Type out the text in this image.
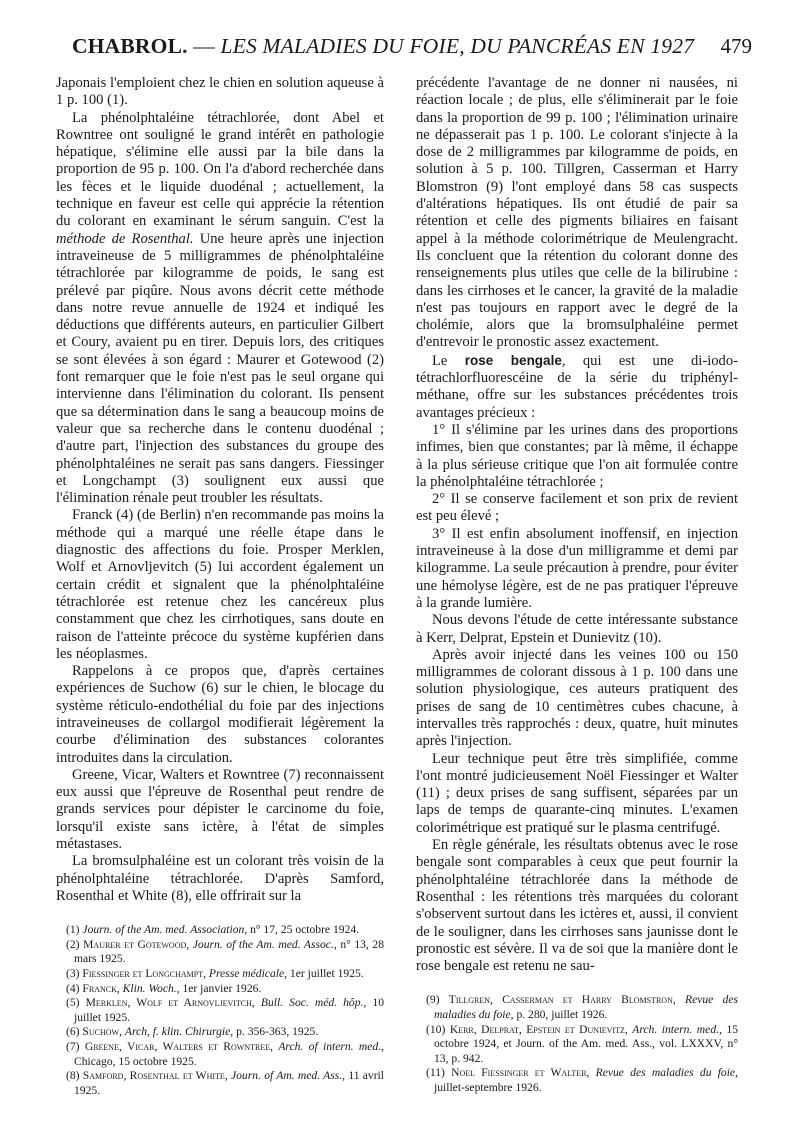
CHABROL. — LES MALADIES DU FOIE, DU PANCRÉAS EN 1927 479

Japonais l'emploient chez le chien en solution aqueuse à 1 p. 100 (1).

La phénolphtaléine tétrachlorée, dont Abel et Rowntree ont souligné le grand intérêt en pathologie hépatique, s'élimine elle aussi par la bile dans la proportion de 95 p. 100. On l'a d'abord recherchée dans les fèces et le liquide duodénal ; actuellement, la technique en faveur est celle qui apprécie la rétention du colorant en examinant le sérum sanguin. C'est la méthode de Rosenthal. Une heure après une injection intraveineuse de 5 milligrammes de phénolphtaléine tétrachlorée par kilogramme de poids, le sang est prélevé par piqûre. Nous avons décrit cette méthode dans notre revue annuelle de 1924 et indiqué les déductions que différents auteurs, en particulier Gilbert et Coury, avaient pu en tirer. Depuis lors, des critiques se sont élevées à son égard : Maurer et Gotewood (2) font remarquer que le foie n'est pas le seul organe qui intervienne dans l'élimination du colorant. Ils pensent que sa détermination dans le sang a beaucoup moins de valeur que sa recherche dans le contenu duodénal ; d'autre part, l'injection des substances du groupe des phénolphtaléines ne serait pas sans dangers. Fiessinger et Longchampt (3) soulignent eux aussi que l'élimination rénale peut troubler les résultats.

Franck (4) (de Berlin) n'en recommande pas moins la méthode qui a marqué une réelle étape dans le diagnostic des affections du foie. Prosper Merklen, Wolf et Arnovljevitch (5) lui accordent également un certain crédit et signalent que la phénolphtaléine tétrachlorée est retenue chez les cancéreux plus constamment que chez les cirrhotiques, sans doute en raison de l'atteinte précoce du système kupférien dans les néoplasmes.

Rappelons à ce propos que, d'après certaines expériences de Suchow (6) sur le chien, le blocage du système réticulo-endothélial du foie par des injections intraveineuses de collargol modifierait légèrement la courbe d'élimination des substances colorantes introduites dans la circulation.

Greene, Vicar, Walters et Rowntree (7) reconnaissent eux aussi que l'épreuve de Rosenthal peut rendre de grands services pour dépister le carcinome du foie, lorsqu'il existe sans ictère, à l'état de simples métastases.

La bromsulphaléine est un colorant très voisin de la phénolphtaléine tétrachlorée. D'après Samford, Rosenthal et White (8), elle offrirait sur la

(1) Journ. of the Am. med. Association, n° 17, 25 octobre 1924.

(2) Maurer et Gotewood, Journ. of the Am. med. Assoc., n° 13, 28 mars 1925.

(3) Fiessinger et Longchampt, Presse médicale, 1er juillet 1925.

(4) Franck, Klin. Woch., 1er janvier 1926.

(5) Merklen, Wolf et Arnovljevitch, Bull. Soc. méd. hôp., 10 juillet 1925.

(6) Suchow, Arch, f. klin. Chirurgie, p. 356-363, 1925.

(7) Greene, Vicar, Walters et Rowntree, Arch. of intern. med., Chicago, 15 octobre 1925.

(8) Samford, Rosenthal et White, Journ. of Am. med. Ass., 11 avril 1925.

précédente l'avantage de ne donner ni nausées, ni réaction locale ; de plus, elle s'éliminerait par le foie dans la proportion de 99 p. 100 ; l'élimination urinaire ne dépasserait pas 1 p. 100. Le colorant s'injecte à la dose de 2 milligrammes par kilogramme de poids, en solution à 5 p. 100. Tillgren, Casserman et Harry Blomstron (9) l'ont employé dans 58 cas suspects d'altérations hépatiques. Ils ont étudié de pair sa rétention et celle des pigments biliaires en faisant appel à la méthode colorimétrique de Meulengracht. Ils concluent que la rétention du colorant donne des renseignements plus utiles que celle de la bilirubine : dans les cirrhoses et le cancer, la gravité de la maladie n'est pas toujours en rapport avec le degré de la cholémie, alors que la bromsulphaléine permet d'entrevoir le pronostic assez exactement.

Le rose bengale, qui est une di-iodo-tétrachlorfluorescéine de la série du triphényl-méthane, offre sur les substances précédentes trois avantages précieux :

1° Il s'élimine par les urines dans des proportions infimes, bien que constantes; par là même, il échappe à la plus sérieuse critique que l'on ait formulée contre la phénolphtaléine tétrachlorée ;

2° Il se conserve facilement et son prix de revient est peu élevé ;

3° Il est enfin absolument inoffensif, en injection intraveineuse à la dose d'un milligramme et demi par kilogramme. La seule précaution à prendre, pour éviter une hémolyse légère, est de ne pas pratiquer l'épreuve à la grande lumière.

Nous devons l'étude de cette intéressante substance à Kerr, Delprat, Epstein et Dunievitz (10).

Après avoir injecté dans les veines 100 ou 150 milligrammes de colorant dissous à 1 p. 100 dans une solution physiologique, ces auteurs pratiquent des prises de sang de 10 centimètres cubes chacune, à intervalles très rapprochés : deux, quatre, huit minutes après l'injection.

Leur technique peut être très simplifiée, comme l'ont montré judicieusement Noël Fiessinger et Walter (11) ; deux prises de sang suffisent, séparées par un laps de temps de quarante-cinq minutes. L'examen colorimétrique est pratiqué sur le plasma centrifugé.

En règle générale, les résultats obtenus avec le rose bengale sont comparables à ceux que peut fournir la phénolphtaléine tétrachlorée dans la méthode de Rosenthal : les rétentions très marquées du colorant s'observent surtout dans les ictères et, aussi, il convient de le souligner, dans les cirrhoses sans jaunisse dont le pronostic est sévère. Il va de soi que la manière dont le rose bengale est retenu ne sau-

(9) Tillgren, Casserman et Harry Blomstron, Revue des maladies du foie, p. 280, juillet 1926.

(10) Kerr, Delprat, Epstein et Dunievitz, Arch. intern. med., 15 octobre 1924, et Journ. of the Am. med. Ass., vol. LXXXV, n° 13, p. 942.

(11) Noel Fiessinger et Walter, Revue des maladies du foie, juillet-septembre 1926.
